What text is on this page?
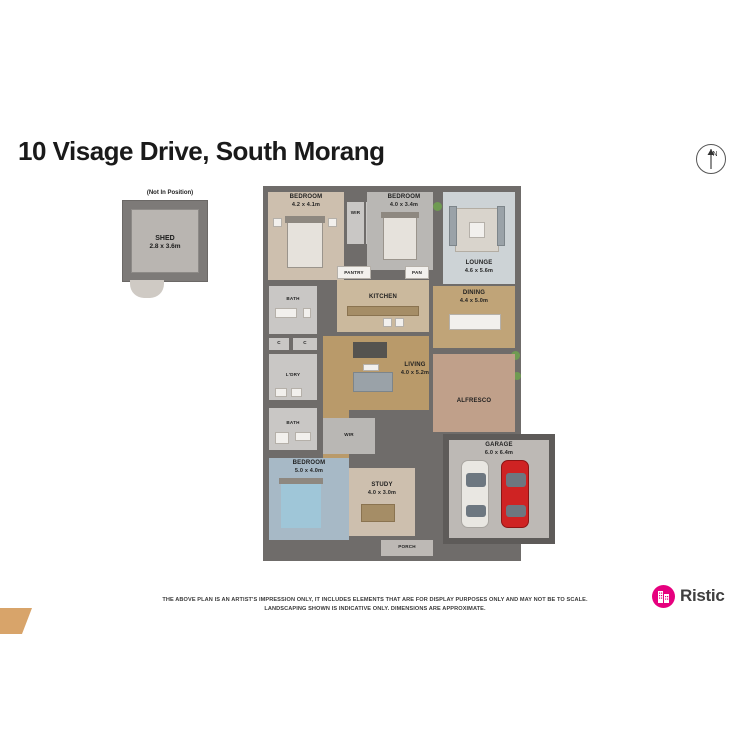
10 Visage Drive, South Morang	N
(Not In Position)
SHED
2.8 x 3.6m
BEDROOM
4.2 x 4.1m
WIR
BEDROOM
4.0 x 3.4m
LOUNGE
4.6 x 5.6m
PANTRY	PAN
KITCHEN
DINING
4.4 x 5.0m
BATH
C	C
L'DRY
LIVING
4.0 x 5.2m
ALFRESCO
BATH
WIR
BEDROOM
5.0 x 4.0m
STUDY
4.0 x 3.0m
PORCH
GARAGE
6.0 x 6.4m
THE ABOVE PLAN IS AN ARTIST'S IMPRESSION ONLY, IT INCLUDES ELEMENTS THAT ARE FOR DISPLAY PURPOSES ONLY AND MAY NOT BE TO SCALE.
LANDSCAPING SHOWN IS INDICATIVE ONLY. DIMENSIONS ARE APPROXIMATE.
Ristic
